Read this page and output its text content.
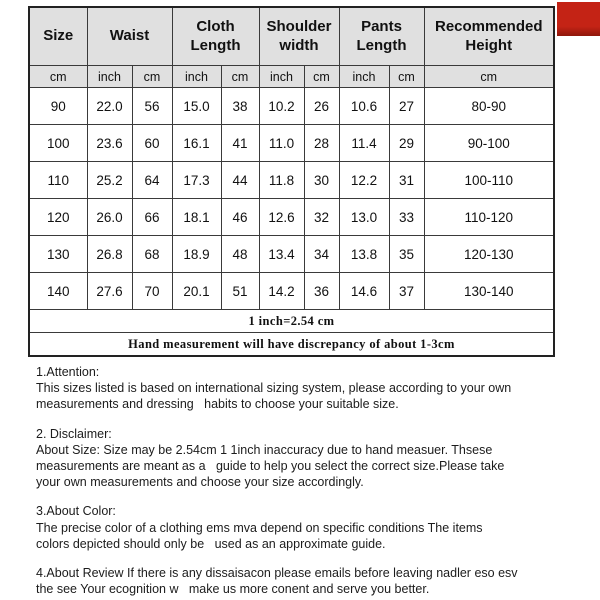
Size	Waist		Cloth Length		Shoulder width		Pants Length		Recommended Height
cm	inch	cm	inch	cm	inch	cm	inch	cm	cm
90	22.0	56	15.0	38	10.2	26	10.6	27	80-90
100	23.6	60	16.1	41	11.0	28	11.4	29	90-100
110	25.2	64	17.3	44	11.8	30	12.2	31	100-110
120	26.0	66	18.1	46	12.6	32	13.0	33	110-120
130	26.8	68	18.9	48	13.4	34	13.8	35	120-130
140	27.6	70	20.1	51	14.2	36	14.6	37	130-140
1 inch=2.54 cm									
Hand measurement will have discrepancy of about 1-3cm									
1.Attention:
This sizes listed is based on international sizing system, please according to your own
measurements and dressing   habits to choose your suitable size.
2. Disclaimer:
About Size: Size may be 2.54cm 1 1inch inaccuracy due to hand measuer. Thsese
measurements are meant as a   guide to help you select the correct size.Please take
your own measurements and choose your size accordingly.
3.About Color:
The precise color of a clothing ems mva depend on specific conditions The items
colors depicted should only be   used as an approximate guide.
4.About Review If there is any dissaisacon please emails before leaving nadler eso esv
the see Your ecognition w   make us more conent and serve you better.
